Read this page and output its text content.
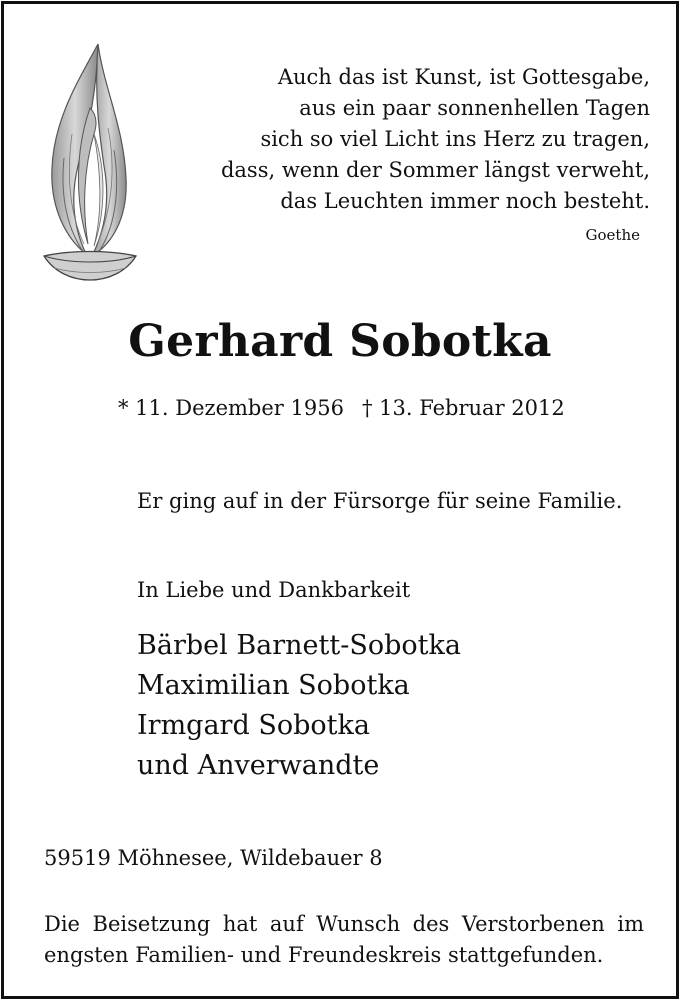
Auch das ist Kunst, ist Gottesgabe,
aus ein paar sonnenhellen Tagen
sich so viel Licht ins Herz zu tragen,
dass, wenn der Sommer längst verweht,
das Leuchten immer noch besteht.
Goethe
Gerhard Sobotka
* 11. Dezember 1956 † 13. Februar 2012
Er ging auf in der Fürsorge für seine Familie.
In Liebe und Dankbarkeit
Bärbel Barnett-Sobotka
Maximilian Sobotka
Irmgard Sobotka
und Anverwandte
59519 Möhnesee, Wildebauer 8
Die Beisetzung hat auf Wunsch des Verstorbenen im engsten Familien- und Freundeskreis stattgefunden.
